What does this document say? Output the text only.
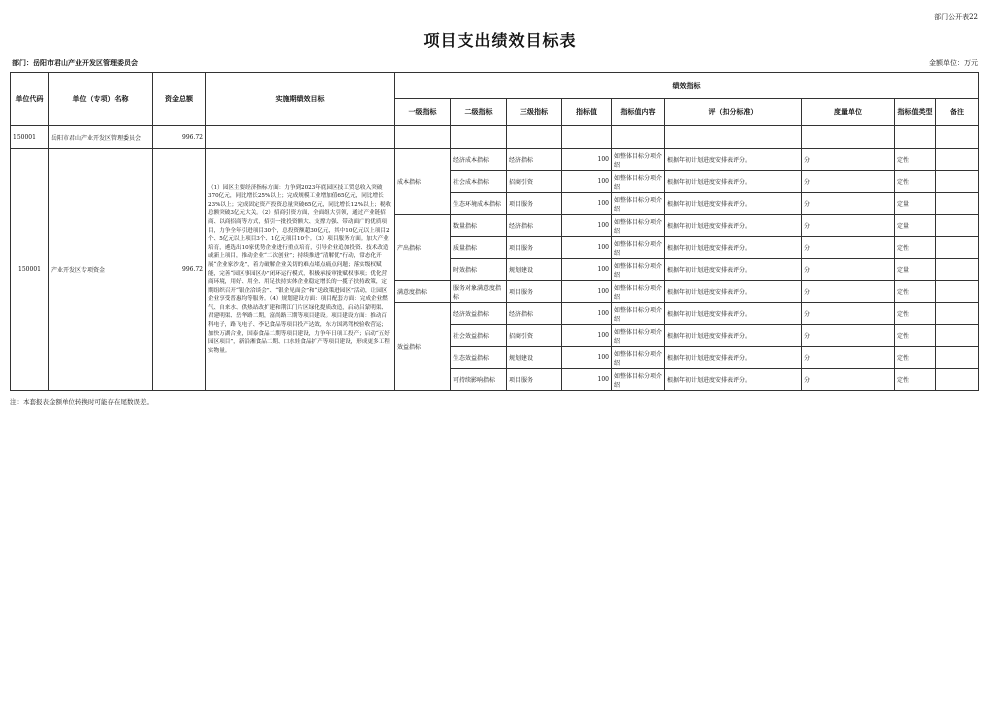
部门公开表22
项目支出绩效目标表
部门：岳阳市君山产业开发区管理委员会	金额单位：万元
单位代码	单位（专项）名称	资金总额	实施期绩效目标	绩效指标								
				一级指标	二级指标	三级指标	指标值	指标值内容	评（扣分标准）	度量单位	指标值类型	备注
150001	岳阳市君山产业开发区管理委员会	996.72										
150001	产业开发区专项资金	996.72	（1）园区主要经济指标方面：力争到2023年底园区技工贸总收入突破370亿元，同比增长25%以上；完成规模工业增加值65亿元，同比增长23%以上；完成固定资产投资总量突破65亿元，同比增长12%以上；税收总额突破3亿元大关。（2）招商引资方面，全面组大引领，通过产业链招商、以商招商等方式，招引一批投资额大、支撑力强、带动面广的优质项目，力争全年引进项目30个，总投资额超30亿元，其中10亿元以上项目2个、5亿元以上项目3个、1亿元项目10个。（3）项目服务方面。加大产业培育，遴选出10家优势企业进行重点培育，引导企业追加投资、技术改造或新上项目，推动企业“二次创业”；持续推进“清解优”行动，常态化开展“企业家沙龙”，着力破解企业关切的难点堵点痛点问题；落实级权赋能，完善“园区事园区办”闭环运行模式，积极承接审批赋权事项；优化营商环境，用好、用全、用足扶持实体企业稳定增长的一揽子扶持政策，定期组织召开“银企洽谈会”、“银企见面会”和“送政策进园区”活动，让园区企业享受普惠均等服务。（4）规划建设方面：项目配套方面：完成企业燃气、自来水、供热站改扩建和荆江门片区绿化提质改造，启动吕蒙明渠、君建明渠、岳华路二期，富尚路三期等项目建设。项目建设方面：推动百科电子，路飞电子、李记食品等项目投产达效，东方国鸿驾校验收营运；加快万湖合业，国泰食品二期等项目建设，力争年日项工投产；启动“五好园区项目”，新沿湘食品二期、口水娃食品扩产等项目建设，形成更多工程实物量。	成本指标	经济成本指标	经济指标	100	如整体目标分项介绍	根据年初计划进度安排表评分。	分	定性	
					社会成本指标	招商引资	100	如整体目标分项介绍	根据年初计划进度安排表评分。	分	定性	
					生态环境成本指标	项目服务	100	如整体目标分项介绍	根据年初计划进度安排表评分。	分	定量	
				产出指标	数量指标	经济指标	100	如整体目标分项介绍	根据年初计划进度安排表评分。	分	定量	
					质量指标	项目服务	100	如整体目标分项介绍	根据年初计划进度安排表评分。	分	定性	
					时效指标	规划建设	100	如整体目标分项介绍	根据年初计划进度安排表评分。	分	定量	
				满意度指标	服务对象满意度指标	项目服务	100	如整体目标分项介绍	根据年初计划进度安排表评分。	分	定性	
				效益指标	经济效益指标	经济指标	100	如整体目标分项介绍	根据年初计划进度安排表评分。	分	定性	
					社会效益指标	招商引资	100	如整体目标分项介绍	根据年初计划进度安排表评分。	分	定性	
					生态效益指标	规划建设	100	如整体目标分项介绍	根据年初计划进度安排表评分。	分	定性	
					可持续影响指标	项目服务	100	如整体目标分项介绍	根据年初计划进度安排表评分。	分	定性	
注：本套报表金额单位转换时可能存在尾数误差。
